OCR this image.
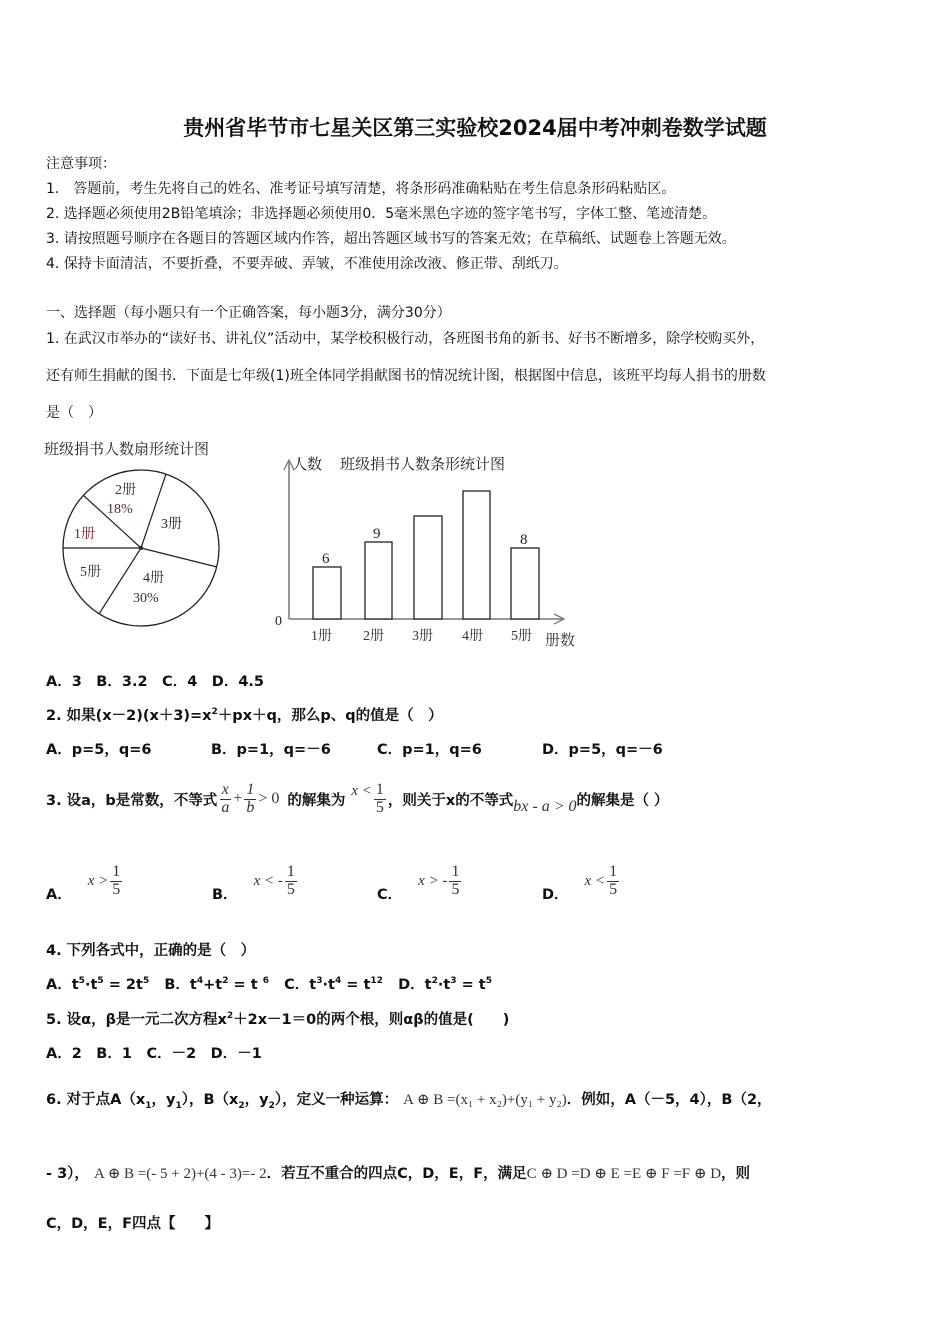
贵州省毕节市七星关区第三实验校2024届中考冲刺卷数学试题
注意事项：
1.　答题前，考生先将自己的姓名、准考证号填写清楚，将条形码准确粘贴在考生信息条形码粘贴区。
2. 选择题必须使用2B铅笔填涂；非选择题必须使用0．5毫米黑色字迹的签字笔书写，字体工整、笔迹清楚。
3. 请按照题号顺序在各题目的答题区域内作答，超出答题区域书写的答案无效；在草稿纸、试题卷上答题无效。
4. 保持卡面清洁，不要折叠，不要弄破、弄皱，不准使用涂改液、修正带、刮纸刀。
一、选择题（每小题只有一个正确答案，每小题3分，满分30分）
1. 在武汉市举办的“读好书、讲礼仪”活动中，某学校积极行动，各班图书角的新书、好书不断增多，除学校购买外，
还有师生捐献的图书．下面是七年级(1)班全体同学捐献图书的情况统计图，根据图中信息，该班平均每人捐书的册数
是（　）
班级捐书人数扇形统计图
2册
18%
1册
3册
5册	4册
30%
人数 班级捐书人数条形统计图
0
6
9	8
1册 2册 3册 4册 5册 册数
A．3　B．3.2　C．4　D．4.5
2. 如果$(x-2)(x+3)=x^2+px+q$，那么p、q的值是（　）
A．p=5，q=6	B．p=1，q=－6	C．p=1，q=6	D．p=5，q=－6
3. 设a，b是常数，不等式 $\frac{x}{a} + \frac{1}{b} > 0$ 的解集为
$x < \frac{1}{5}$ ，则关于x的不等式 bx - a > 0 的解集是（ ）
A．
$x > \frac{1}{5}$	B．
x < - $\frac{1}{5}$	C．
x > - $\frac{1}{5}$	D．
$x < \frac{1}{5}$
4. 下列各式中，正确的是（　）
A．$t^5\cdot t^5 = 2t^5$ B．$t^4+t^2 = t$ $^6$ C．$t^3\cdot t^4 = t^{12}$ D．$t^2\cdot t^3 = t^5$
5. 设α，β是一元二次方程$x^2+2x-1=0$的两个根，则αβ的值是(　　)
A．2　B．1　C．－2　D．－1
6. 对于点$A(x_1$，$y_1$），$B(x_2$，$y_2$），定义一种运算： A ⊕ B =(x₁ + x₂)+(y₁ + y₂)．例如，A（－5，4），B（2，
- 3）， A ⊕ B =(- 5 + 2)+(4 - 3)=- 2．若互不重合的四点C，D，E，F，满足C ⊕ D =D ⊕ E =E ⊕ F =F ⊕ D，则
C，D，E，F四点【　　】
